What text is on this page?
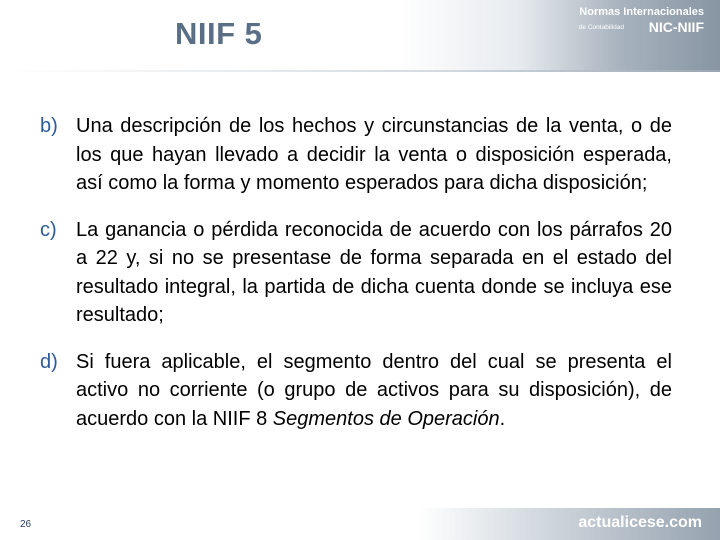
NIIF 5
Normas Internacionales
de Contabilidad NIC-NIIF
b) Una descripción de los hechos y circunstancias de la venta, o de los que hayan llevado a decidir la venta o disposición esperada, así como la forma y momento esperados para dicha disposición;
c) La ganancia o pérdida reconocida de acuerdo con los párrafos 20 a 22 y, si no se presentase de forma separada en el estado del resultado integral, la partida de dicha cuenta donde se incluya ese resultado;
d) Si fuera aplicable, el segmento dentro del cual se presenta el activo no corriente (o grupo de activos para su disposición), de acuerdo con la NIIF 8 Segmentos de Operación.
26	actualicese.com
